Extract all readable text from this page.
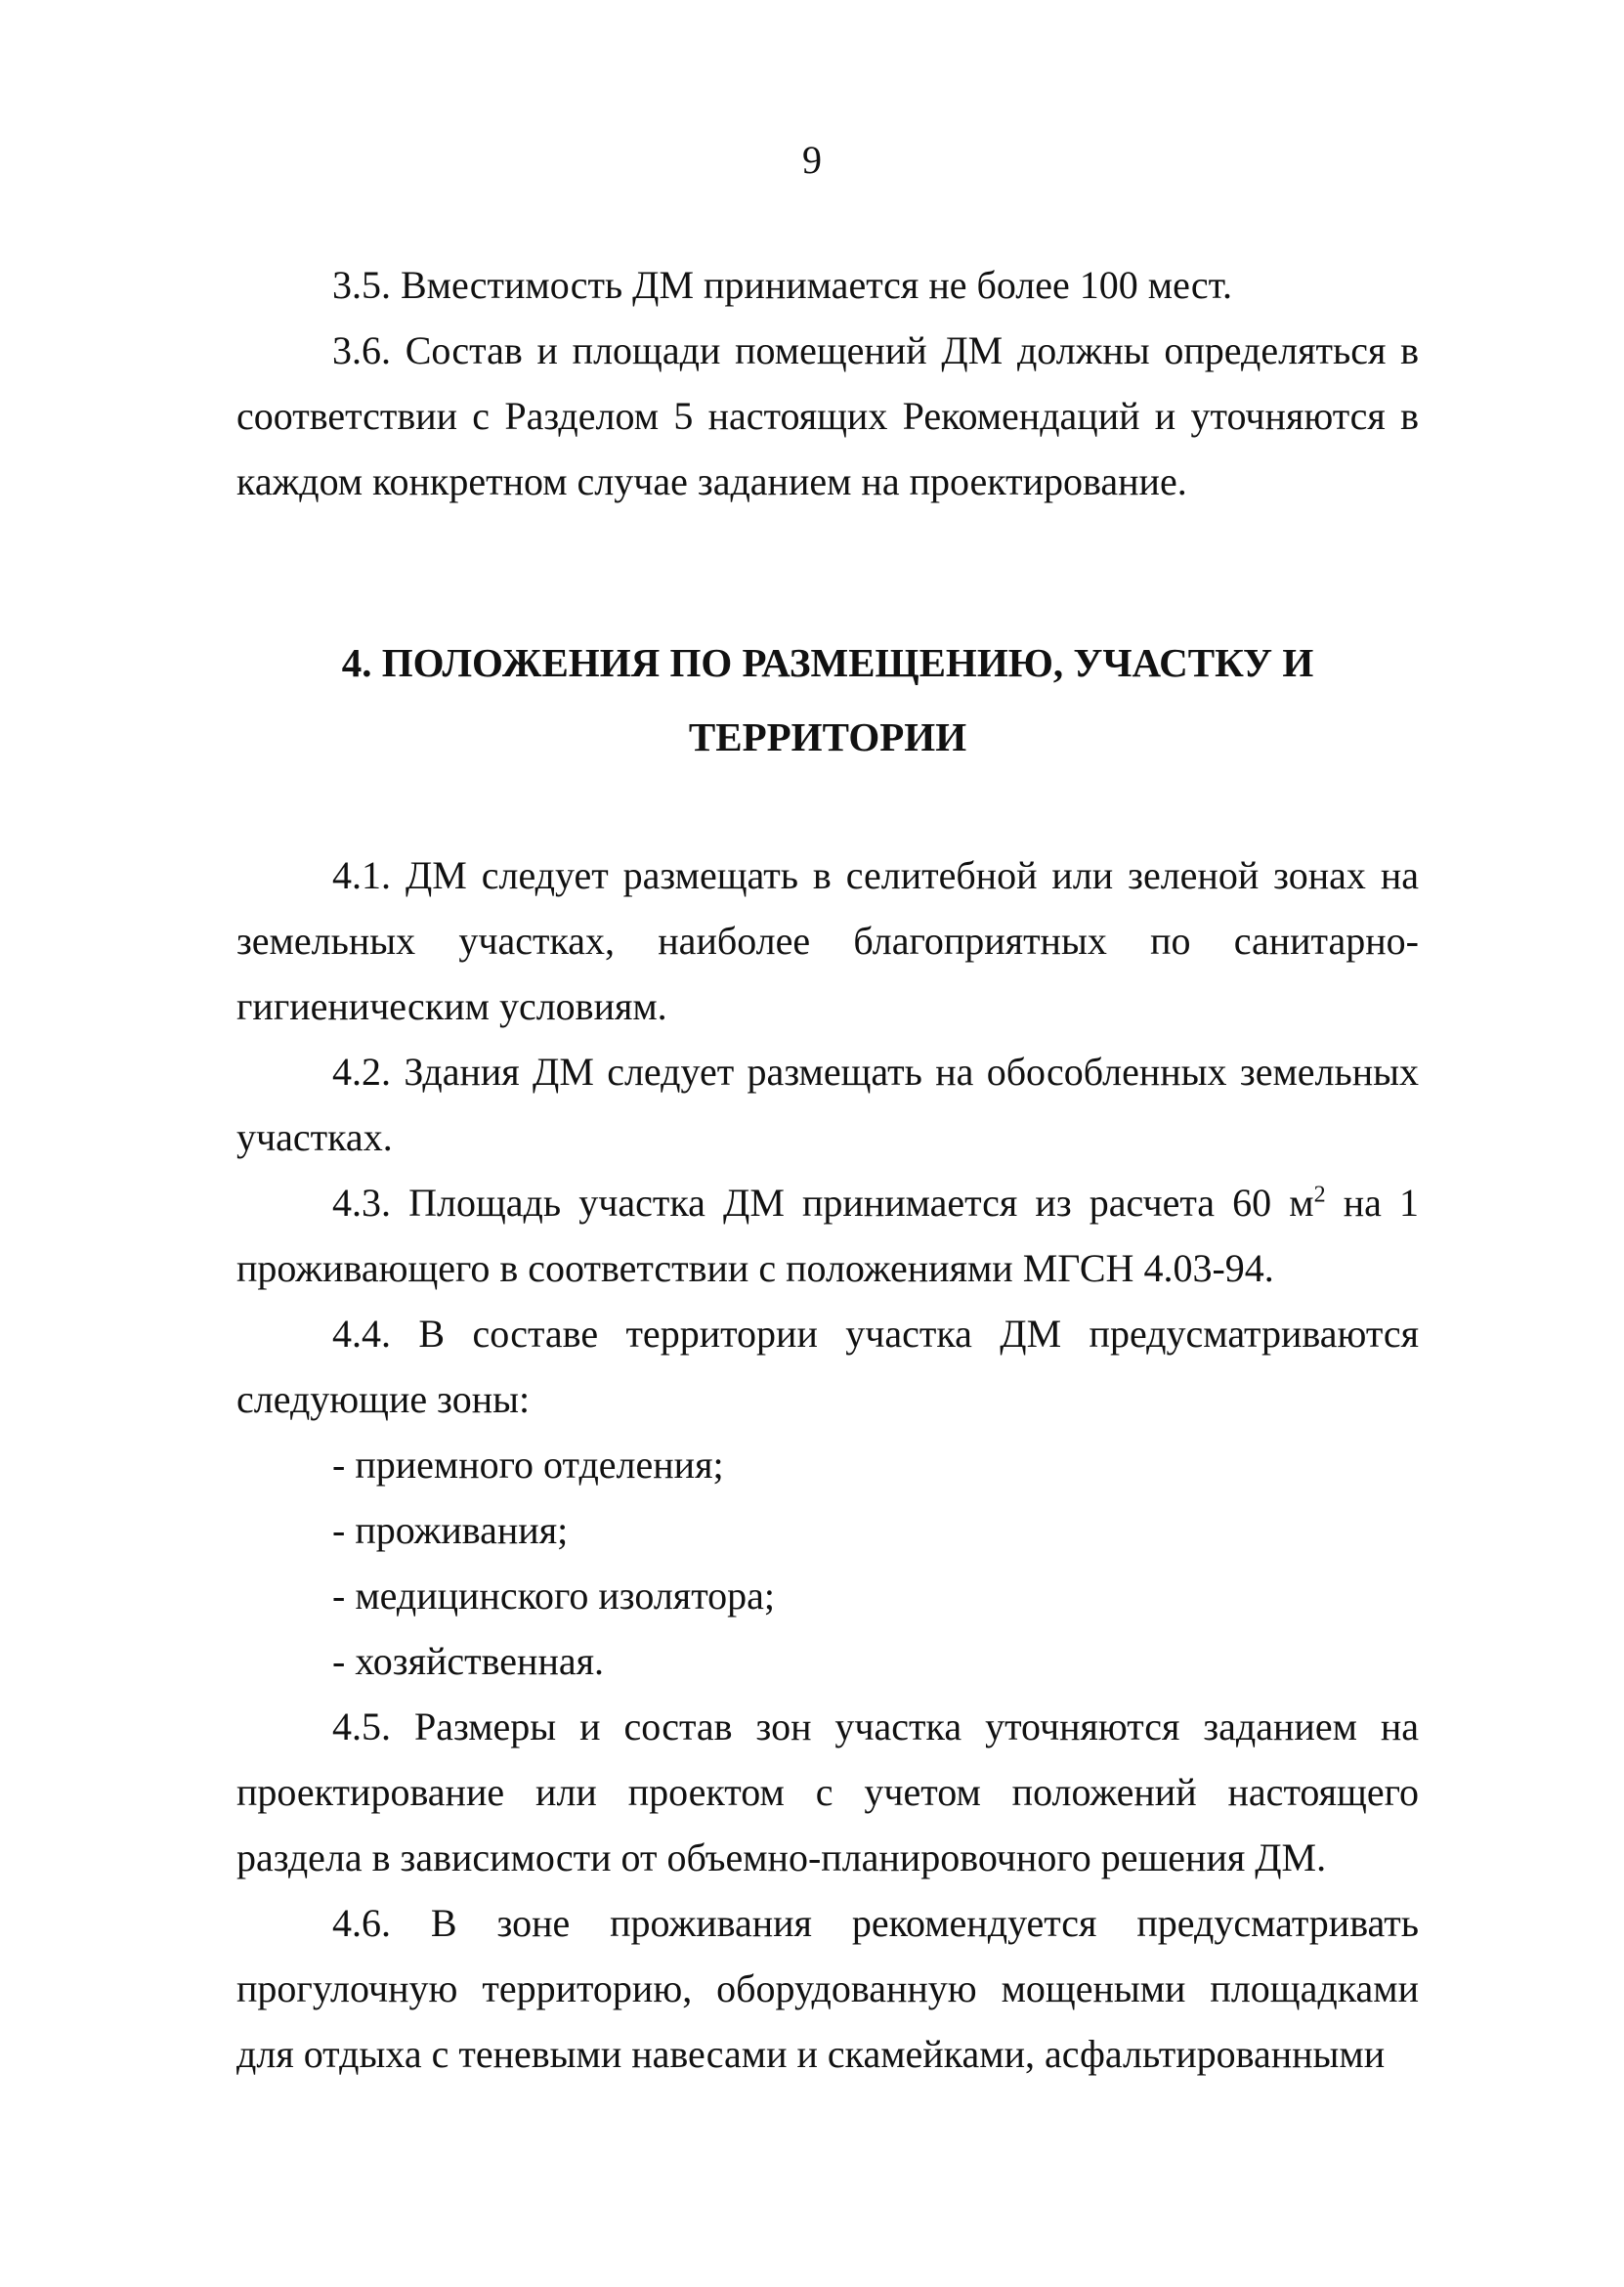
9

3.5. Вместимость ДМ принимается не более 100 мест.

3.6. Состав и площади помещений ДМ должны определяться в соответствии с Разделом 5 настоящих Рекомендаций и уточняются в каждом конкретном случае заданием на проектирование.

4. ПОЛОЖЕНИЯ ПО РАЗМЕЩЕНИЮ, УЧАСТКУ И
ТЕРРИТОРИИ

4.1. ДМ следует размещать в селитебной или зеленой зонах на земельных участках, наиболее благоприятных по санитарно-гигиеническим условиям.

4.2. Здания ДМ следует размещать на обособленных земельных участках.

4.3. Площадь участка ДМ принимается из расчета 60 $м^2$ на 1 проживающего в соответствии с положениями МГСН 4.03-94.

4.4. В составе территории участка ДМ предусматриваются следующие зоны:

- приемного отделения;

- проживания;

- медицинского изолятора;

- хозяйственная.

4.5. Размеры и состав зон участка уточняются заданием на проектирование или проектом с учетом положений настоящего раздела в зависимости от объемно-планировочного решения ДМ.

4.6. В зоне проживания рекомендуется предусматривать прогулочную территорию, оборудованную мощеными площадками для отдыха с теневыми навесами и скамейками, асфальтированными
